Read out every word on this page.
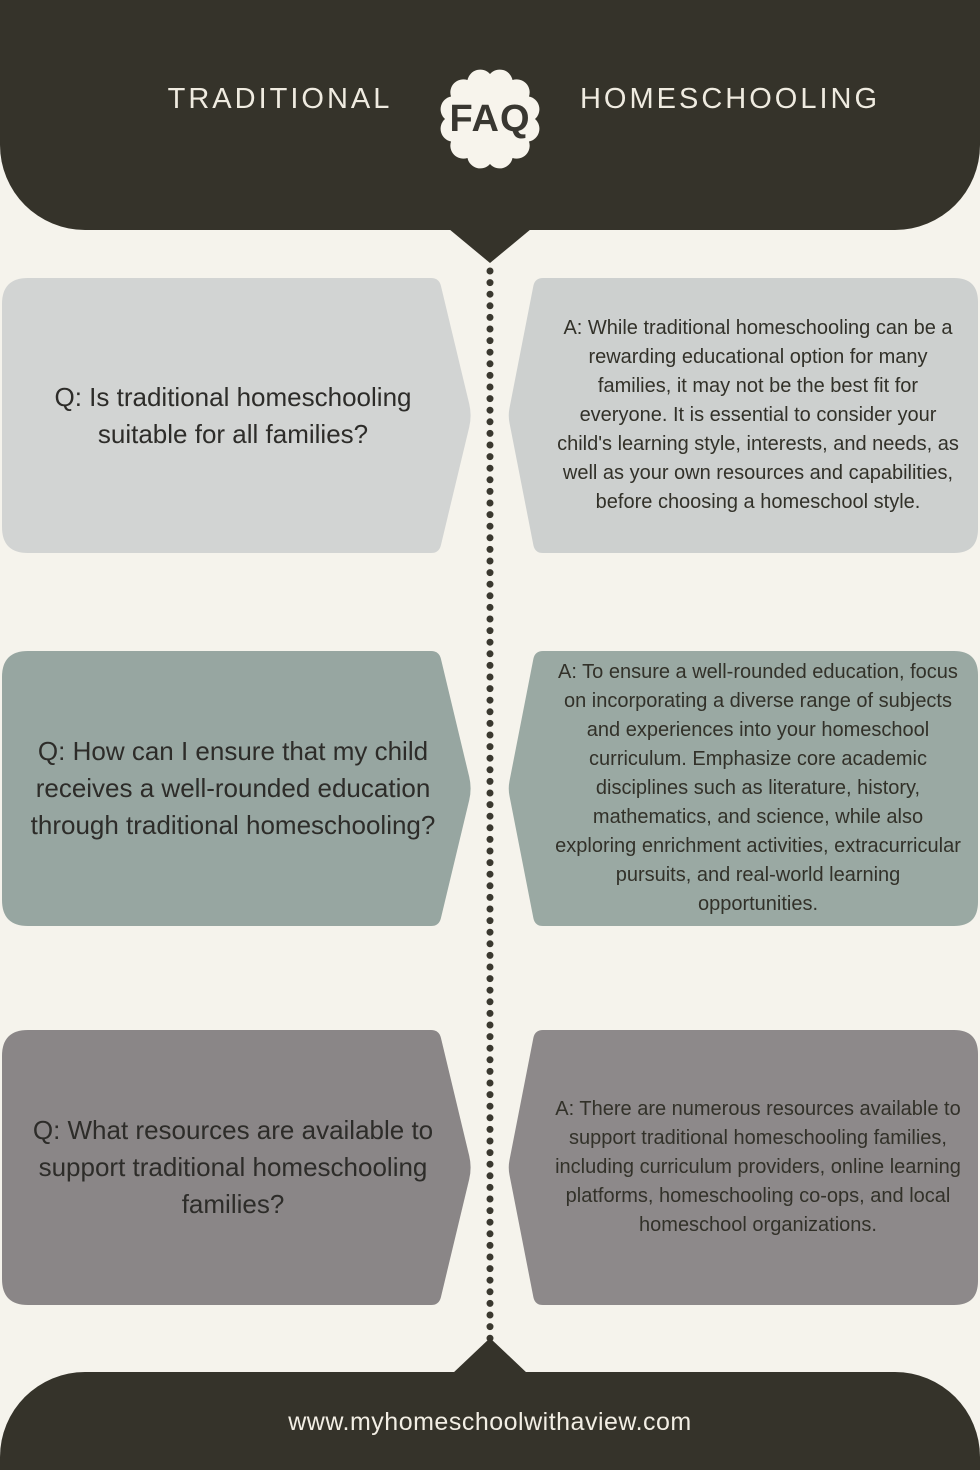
TRADITIONAL	HOMESCHOOLING
FAQ
Q: Is traditional homeschooling suitable for all families?
A: While traditional homeschooling can be a rewarding educational option for many families, it may not be the best fit for everyone. It is essential to consider your child's learning style, interests, and needs, as well as your own resources and capabilities, before choosing a homeschool style.
Q: How can I ensure that my child receives a well-rounded education through traditional homeschooling?
A: To ensure a well-rounded education, focus on incorporating a diverse range of subjects and experiences into your homeschool curriculum. Emphasize core academic disciplines such as literature, history, mathematics, and science, while also exploring enrichment activities, extracurricular pursuits, and real-world learning opportunities.
Q: What resources are available to support traditional homeschooling families?
A: There are numerous resources available to support traditional homeschooling families, including curriculum providers, online learning platforms, homeschooling co-ops, and local homeschool organizations.
www.myhomeschoolwithaview.com
